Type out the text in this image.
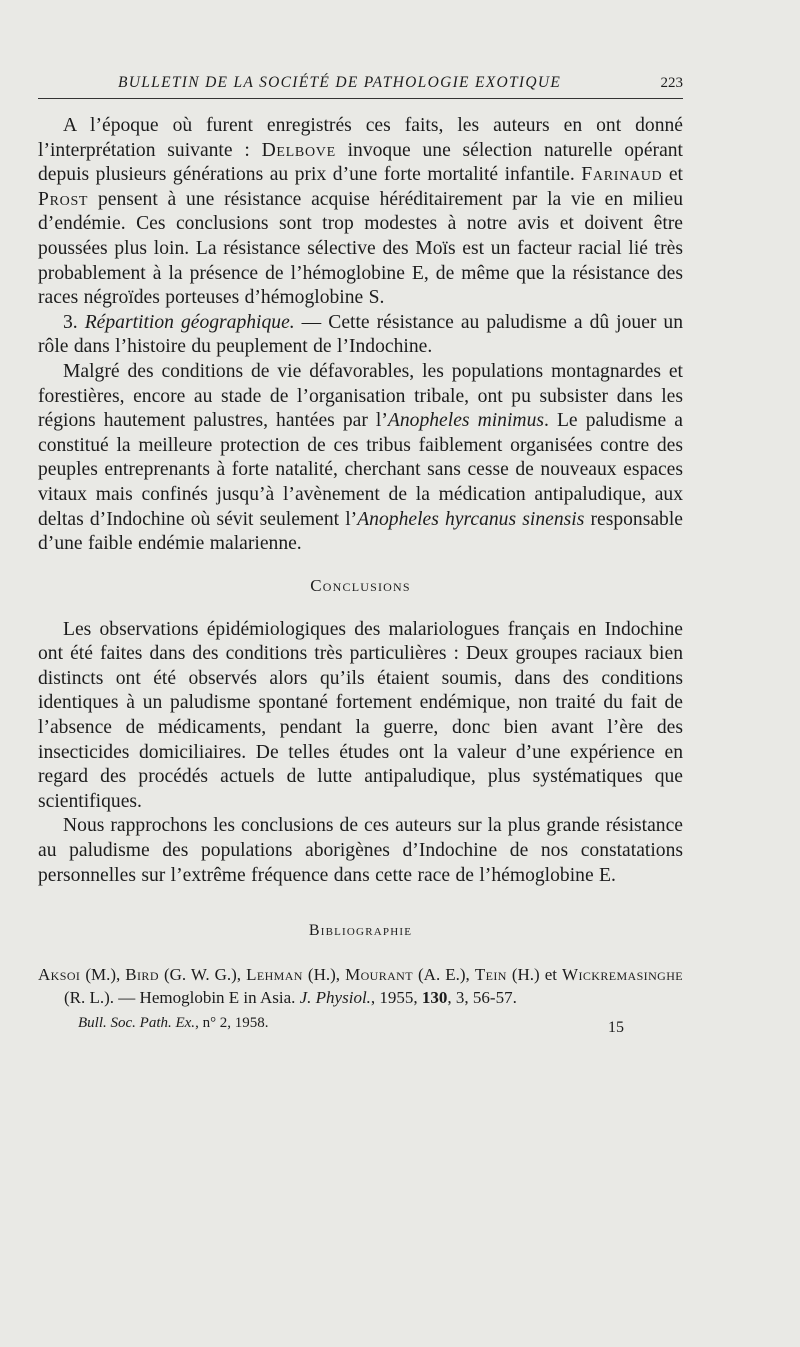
BULLETIN DE LA SOCIÉTÉ DE PATHOLOGIE EXOTIQUE	223

A l’époque où furent enregistrés ces faits, les auteurs en ont donné l’interprétation suivante : Delbove invoque une sélection naturelle opérant depuis plusieurs générations au prix d’une forte mortalité infantile. Farinaud et Prost pensent à une résistance acquise héréditairement par la vie en milieu d’endémie. Ces conclusions sont trop modestes à notre avis et doivent être poussées plus loin. La résistance sélective des Moïs est un facteur racial lié très probablement à la présence de l’hémoglobine E, de même que la résistance des races négroïdes porteuses d’hémoglobine S.

3. Répartition géographique. — Cette résistance au paludisme a dû jouer un rôle dans l’histoire du peuplement de l’Indochine.

Malgré des conditions de vie défavorables, les populations montagnardes et forestières, encore au stade de l’organisation tribale, ont pu subsister dans les régions hautement palustres, hantées par l’Anopheles minimus. Le paludisme a constitué la meilleure protection de ces tribus faiblement organisées contre des peuples entreprenants à forte natalité, cherchant sans cesse de nouveaux espaces vitaux mais confinés jusqu’à l’avènement de la médication antipaludique, aux deltas d’Indochine où sévit seulement l’Anopheles hyrcanus sinensis responsable d’une faible endémie malarienne.

Conclusions

Les observations épidémiologiques des malariologues français en Indochine ont été faites dans des conditions très particulières : Deux groupes raciaux bien distincts ont été observés alors qu’ils étaient soumis, dans des conditions identiques à un paludisme spontané fortement endémique, non traité du fait de l’absence de médicaments, pendant la guerre, donc bien avant l’ère des insecticides domiciliaires. De telles études ont la valeur d’une expérience en regard des procédés actuels de lutte antipaludique, plus systématiques que scientifiques.

Nous rapprochons les conclusions de ces auteurs sur la plus grande résistance au paludisme des populations aborigènes d’Indochine de nos constatations personnelles sur l’extrême fréquence dans cette race de l’hémoglobine E.

Bibliographie

Aksoi (M.), Bird (G. W. G.), Lehman (H.), Mourant (A. E.), Tein (H.) et Wickremasinghe (R. L.). — Hemoglobin E in Asia. J. Physiol., 1955, 130, 3, 56-57.

Bull. Soc. Path. Ex., n° 2, 1958.	15
